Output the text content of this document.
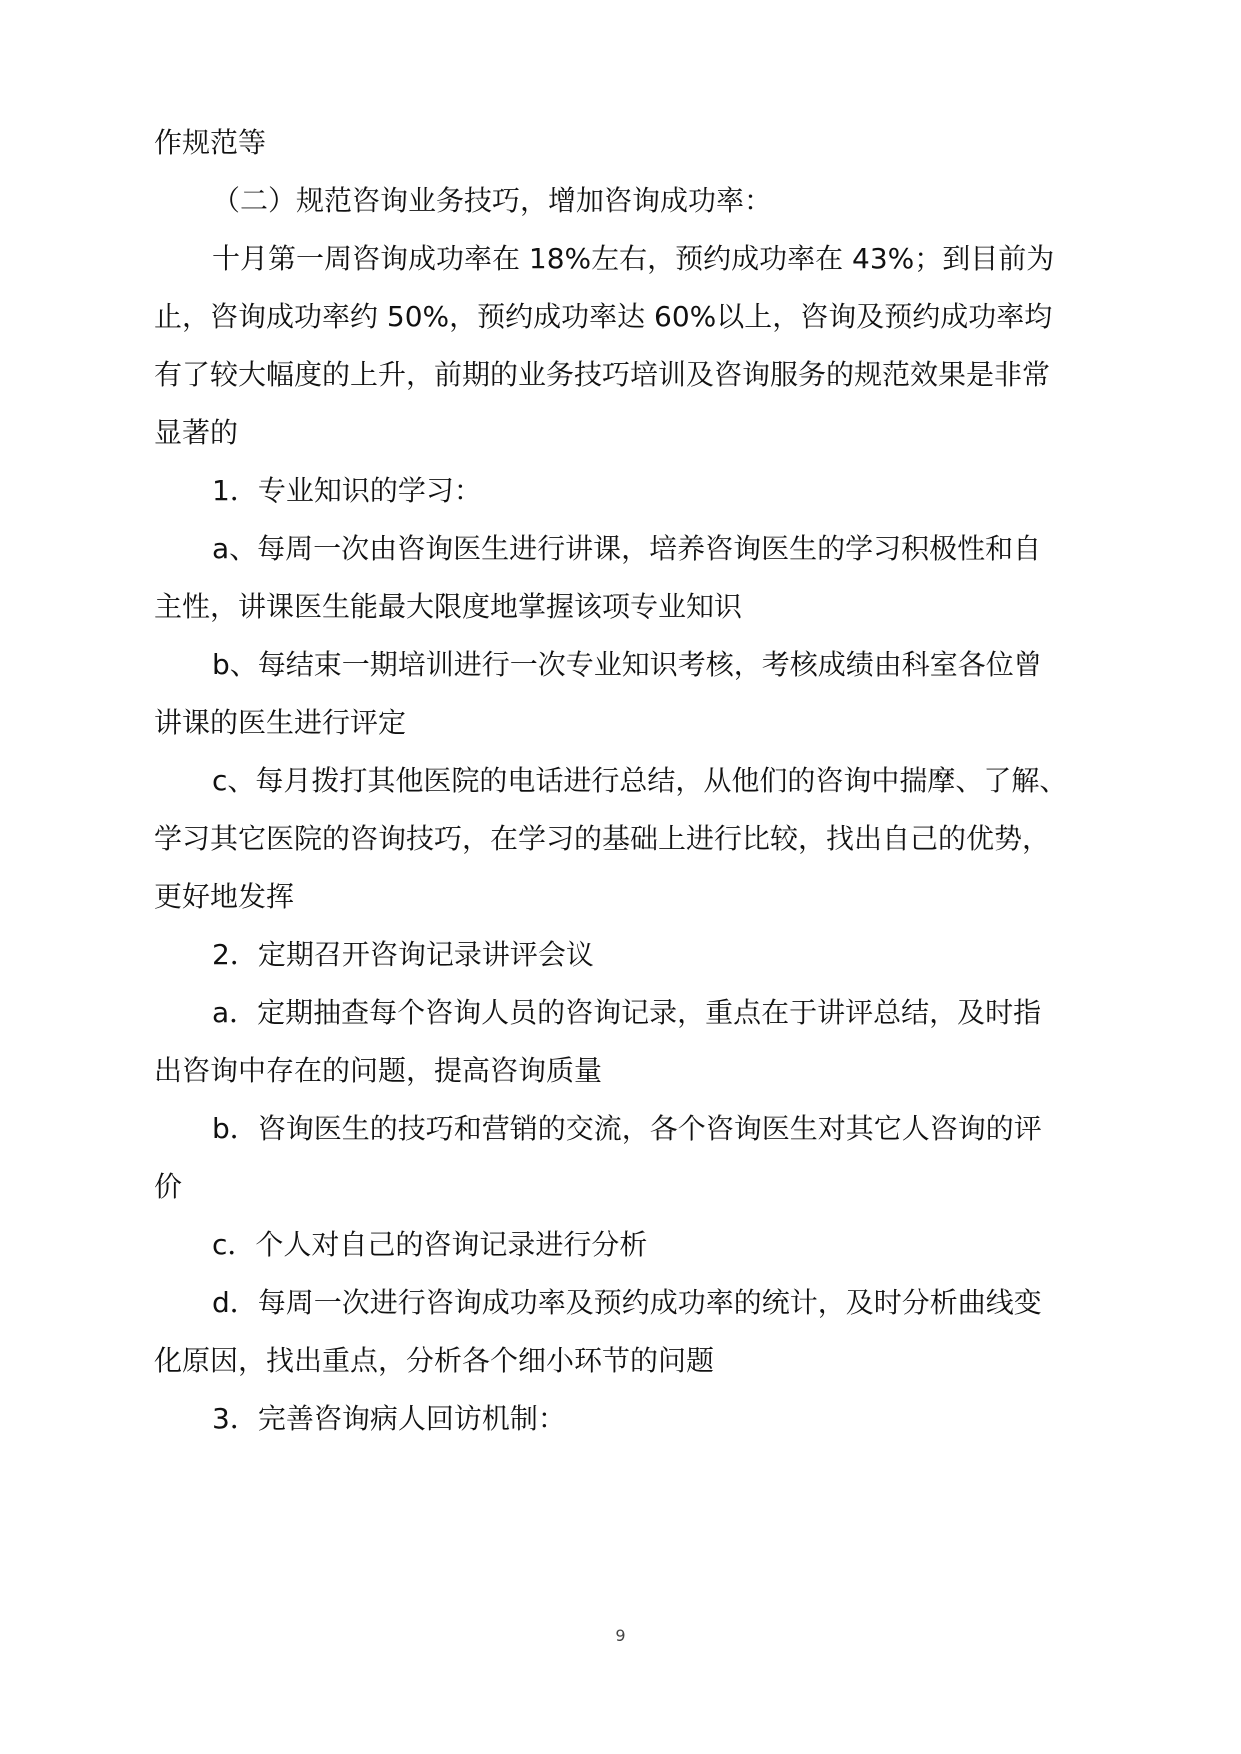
作规范等
（二）规范咨询业务技巧，增加咨询成功率：
十月第一周咨询成功率在 18%左右，预约成功率在 43%；到目前为
止，咨询成功率约 50%，预约成功率达 60%以上，咨询及预约成功率均
有了较大幅度的上升，前期的业务技巧培训及咨询服务的规范效果是非常
显著的
1．专业知识的学习：
a、每周一次由咨询医生进行讲课，培养咨询医生的学习积极性和自
主性，讲课医生能最大限度地掌握该项专业知识
b、每结束一期培训进行一次专业知识考核，考核成绩由科室各位曾
讲课的医生进行评定
c、每月拨打其他医院的电话进行总结，从他们的咨询中揣摩、了解、
学习其它医院的咨询技巧，在学习的基础上进行比较，找出自己的优势，
更好地发挥
2．定期召开咨询记录讲评会议
a．定期抽查每个咨询人员的咨询记录，重点在于讲评总结，及时指
出咨询中存在的问题，提高咨询质量
b．咨询医生的技巧和营销的交流，各个咨询医生对其它人咨询的评
价
c．个人对自己的咨询记录进行分析
d．每周一次进行咨询成功率及预约成功率的统计，及时分析曲线变
化原因，找出重点，分析各个细小环节的问题
3．完善咨询病人回访机制：
9
